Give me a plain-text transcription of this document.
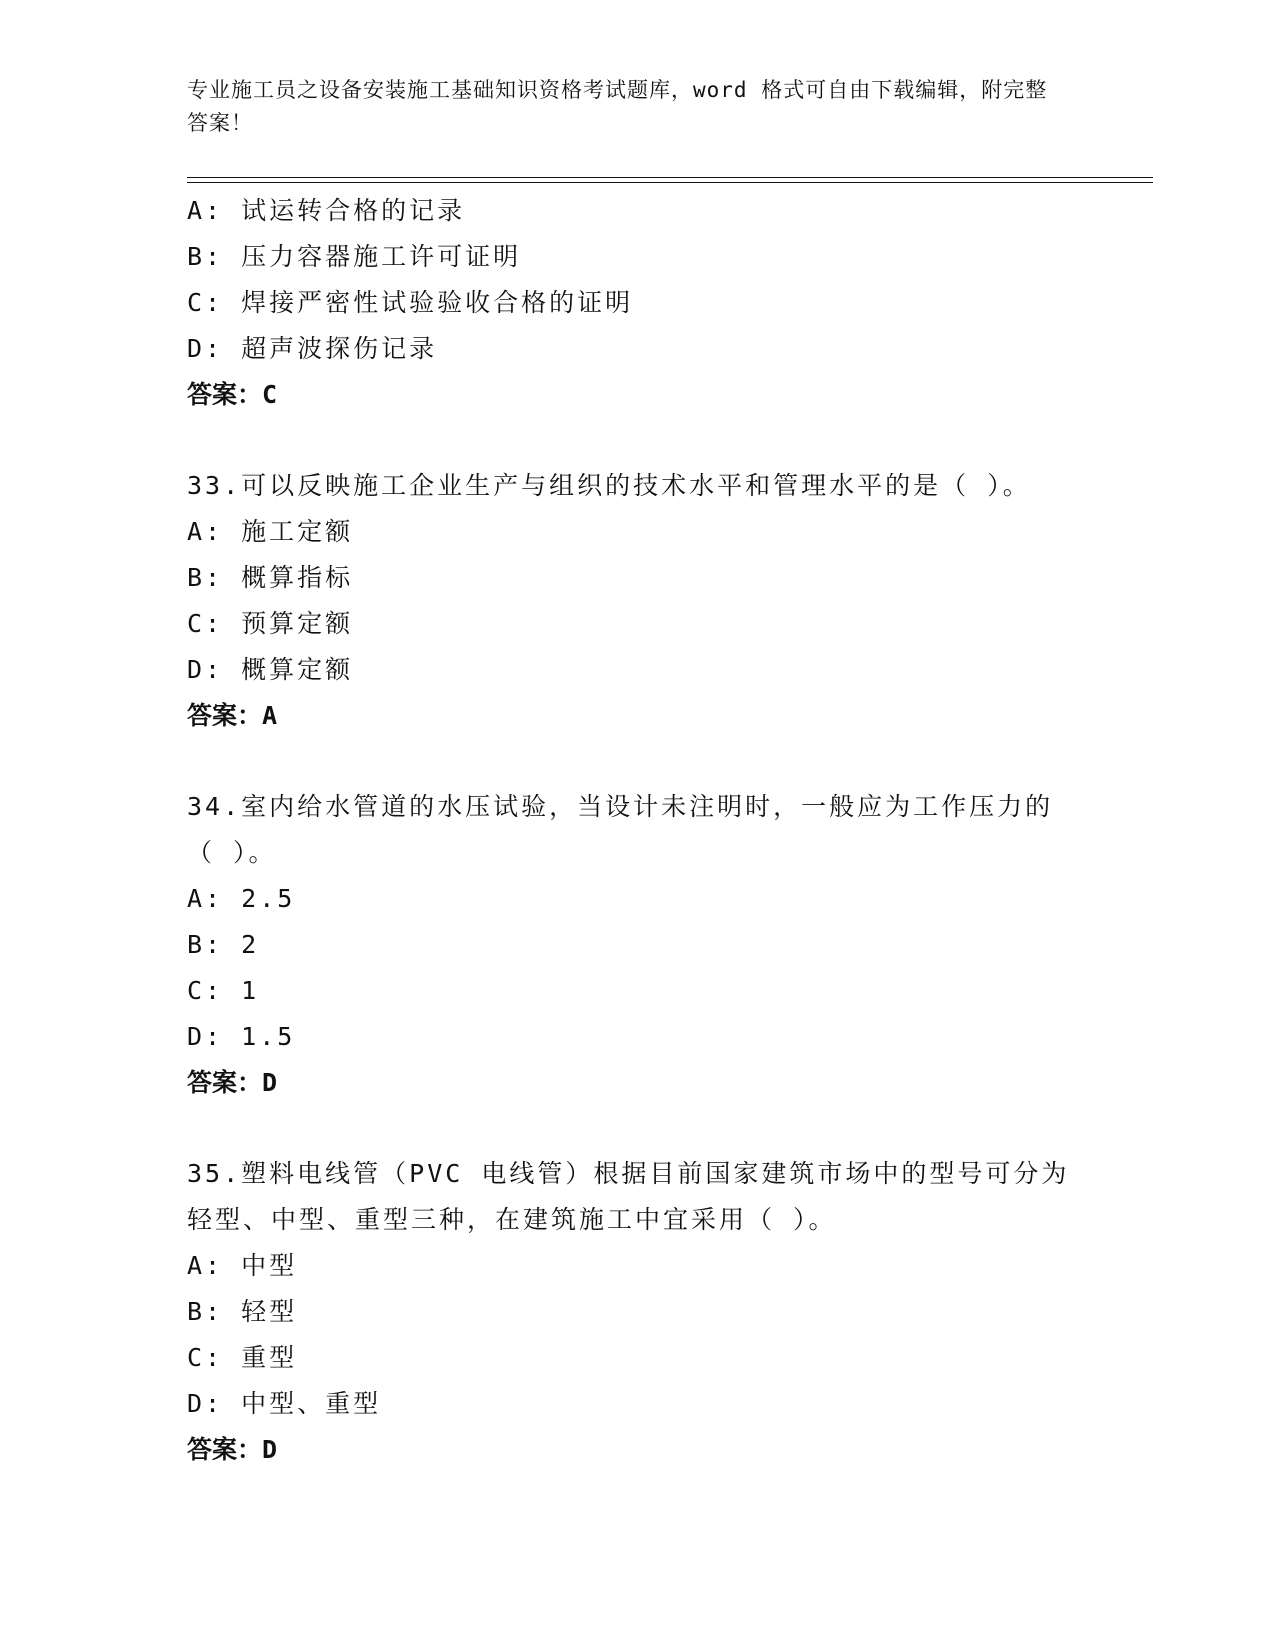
专业施工员之设备安装施工基础知识资格考试题库，word 格式可自由下载编辑，附完整答案！
A: 试运转合格的记录
B: 压力容器施工许可证明
C: 焊接严密性试验验收合格的证明
D: 超声波探伤记录
答案：C
33.可以反映施工企业生产与组织的技术水平和管理水平的是（ ）。
A: 施工定额
B: 概算指标
C: 预算定额
D: 概算定额
答案：A
34.室内给水管道的水压试验，当设计未注明时，一般应为工作压力的（ ）。
A: 2.5
B: 2
C: 1
D: 1.5
答案：D
35.塑料电线管（PVC 电线管）根据目前国家建筑市场中的型号可分为轻型、中型、重型三种，在建筑施工中宜采用（ ）。
A: 中型
B: 轻型
C: 重型
D: 中型、重型
答案：D
